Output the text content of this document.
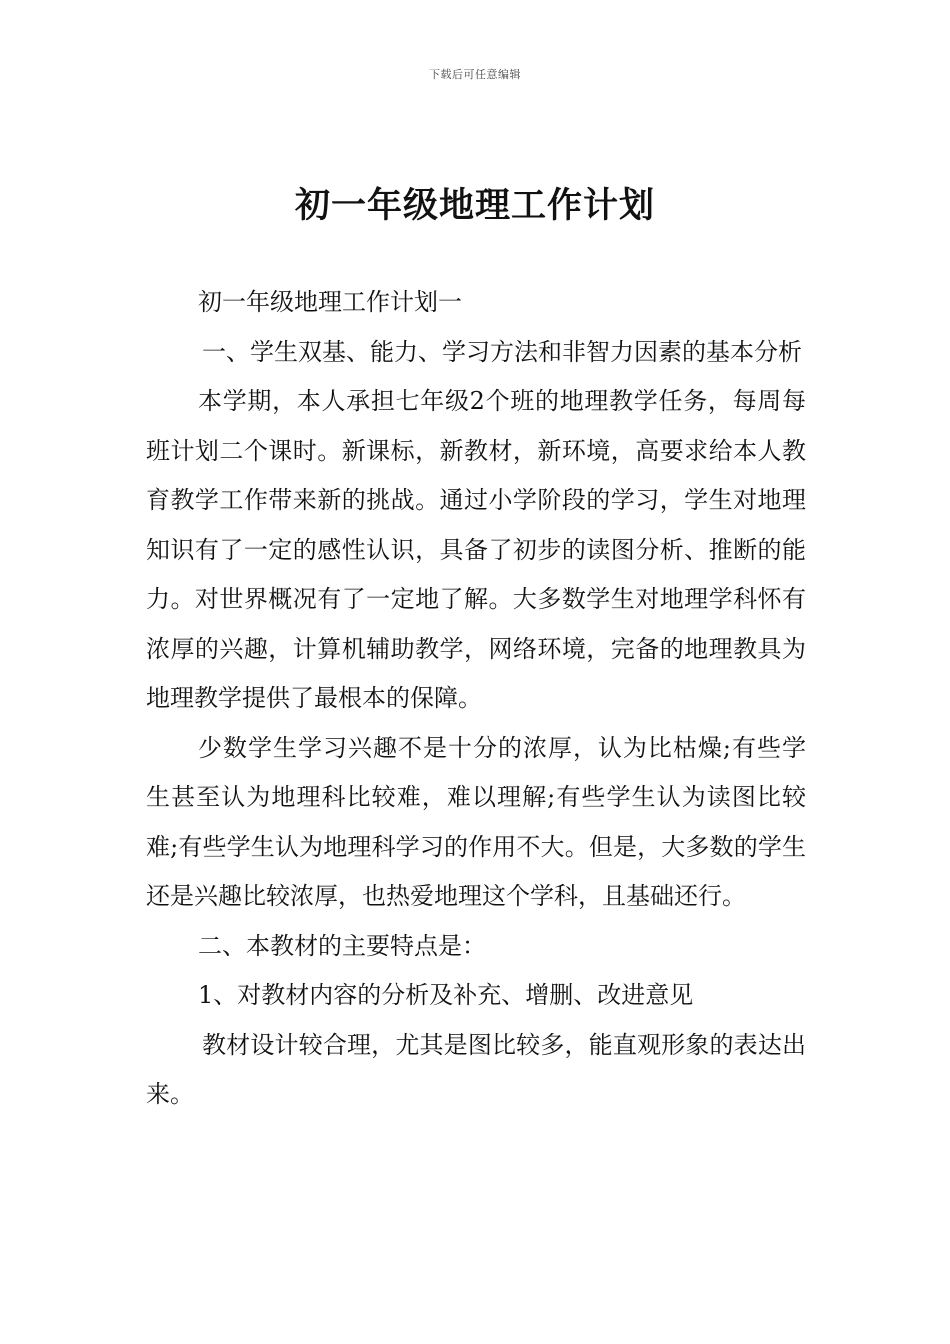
下载后可任意编辑
初一年级地理工作计划

初一年级地理工作计划一

一、学生双基、能力、学习方法和非智力因素的基本分析

本学期，本人承担七年级2个班的地理教学任务，每周每班计划二个课时。新课标，新教材，新环境，高要求给本人教育教学工作带来新的挑战。通过小学阶段的学习，学生对地理知识有了一定的感性认识，具备了初步的读图分析、推断的能力。对世界概况有了一定地了解。大多数学生对地理学科怀有浓厚的兴趣，计算机辅助教学，网络环境，完备的地理教具为地理教学提供了最根本的保障。

少数学生学习兴趣不是十分的浓厚，认为比枯燥;有些学生甚至认为地理科比较难，难以理解;有些学生认为读图比较难;有些学生认为地理科学习的作用不大。但是，大多数的学生还是兴趣比较浓厚，也热爱地理这个学科，且基础还行。

二、本教材的主要特点是：

1、对教材内容的分析及补充、增删、改进意见

教材设计较合理，尤其是图比较多，能直观形象的表达出来。
